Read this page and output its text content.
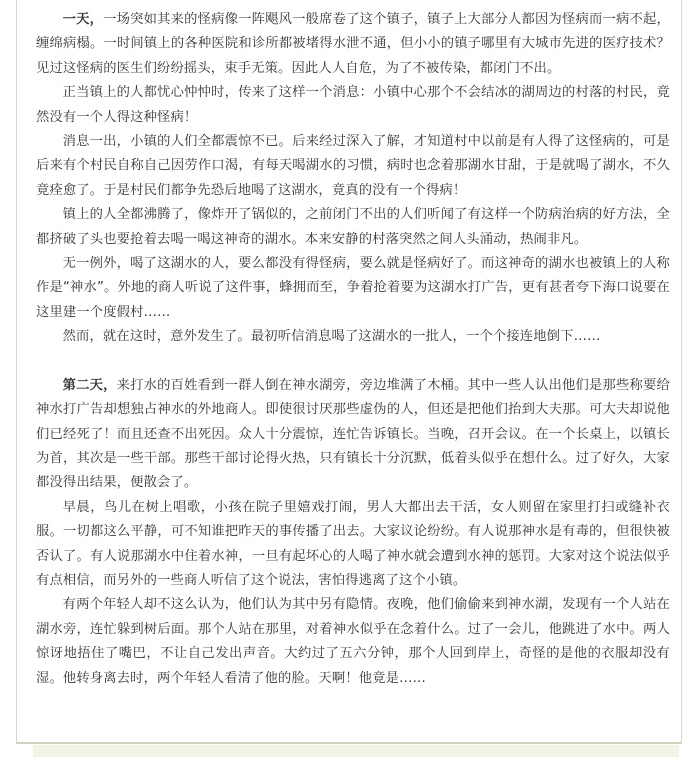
一天，一场突如其来的怪病像一阵飓风一般席卷了这个镇子，镇子上大部分人都因为怪病而一病不起，缠绵病榻。一时间镇上的各种医院和诊所都被堵得水泄不通，但小小的镇子哪里有大城市先进的医疗技术？见过这怪病的医生们纷纷摇头，束手无策。因此人人自危，为了不被传染，都闭门不出。

正当镇上的人都忧心忡忡时，传来了这样一个消息：小镇中心那个不会结冰的湖周边的村落的村民，竟然没有一个人得这种怪病！

消息一出，小镇的人们全都震惊不已。后来经过深入了解，才知道村中以前是有人得了这怪病的，可是后来有个村民自称自己因劳作口渴，有每天喝湖水的习惯，病时也念着那湖水甘甜，于是就喝了湖水，不久竟痊愈了。于是村民们都争先恐后地喝了这湖水，竟真的没有一个得病！

镇上的人全都沸腾了，像炸开了锅似的，之前闭门不出的人们听闻了有这样一个防病治病的好方法，全都挤破了头也要抢着去喝一喝这神奇的湖水。本来安静的村落突然之间人头涌动，热闹非凡。

无一例外，喝了这湖水的人，要么都没有得怪病，要么就是怪病好了。而这神奇的湖水也被镇上的人称作是“神水”。外地的商人听说了这件事，蜂拥而至，争着抢着要为这湖水打广告，更有甚者夸下海口说要在这里建一个度假村……

然而，就在这时，意外发生了。最初听信消息喝了这湖水的一批人，一个个接连地倒下……

第二天，来打水的百姓看到一群人倒在神水湖旁，旁边堆满了木桶。其中一些人认出他们是那些称要给神水打广告却想独占神水的外地商人。即使很讨厌那些虚伪的人，但还是把他们抬到大夫那。可大夫却说他们已经死了！而且还查不出死因。众人十分震惊，连忙告诉镇长。当晚，召开会议。在一个长桌上，以镇长为首，其次是一些干部。那些干部讨论得火热，只有镇长十分沉默，低着头似乎在想什么。过了好久，大家都没得出结果，便散会了。

早晨，鸟儿在树上唱歌，小孩在院子里嬉戏打闹，男人大都出去干活，女人则留在家里打扫或缝补衣服。一切都这么平静，可不知谁把昨天的事传播了出去。大家议论纷纷。有人说那神水是有毒的，但很快被否认了。有人说那湖水中住着水神，一旦有起坏心的人喝了神水就会遭到水神的惩罚。大家对这个说法似乎有点相信，而另外的一些商人听信了这个说法，害怕得逃离了这个小镇。

有两个年轻人却不这么认为，他们认为其中另有隐情。夜晚，他们偷偷来到神水湖，发现有一个人站在湖水旁，连忙躲到树后面。那个人站在那里，对着神水似乎在念着什么。过了一会儿，他跳进了水中。两人惊讶地捂住了嘴巴，不让自己发出声音。大约过了五六分钟，那个人回到岸上，奇怪的是他的衣服却没有湿。他转身离去时，两个年轻人看清了他的脸。天啊！他竟是……
